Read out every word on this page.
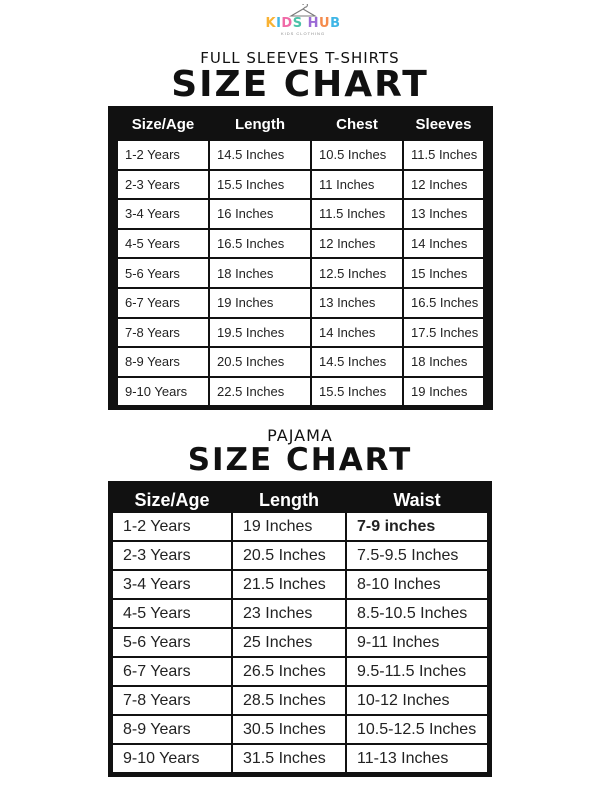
KIDS HUB
KIDS CLOTHING
FULL SLEEVES T-SHIRTS
SIZE CHART
Size/Age	Length	Chest	Sleeves
1-2 Years	14.5 Inches	10.5 Inches	11.5 Inches
2-3 Years	15.5 Inches	11 Inches	12 Inches
3-4 Years	16 Inches	11.5 Inches	13 Inches
4-5 Years	16.5 Inches	12 Inches	14 Inches
5-6 Years	18 Inches	12.5 Inches	15 Inches
6-7 Years	19 Inches	13 Inches	16.5 Inches
7-8 Years	19.5 Inches	14 Inches	17.5 Inches
8-9 Years	20.5 Inches	14.5 Inches	18 Inches
9-10 Years	22.5 Inches	15.5 Inches	19 Inches
PAJAMA
SIZE CHART
Size/Age	Length	Waist
1-2 Years	19 Inches	7-9 inches
2-3 Years	20.5 Inches	7.5-9.5 Inches
3-4 Years	21.5 Inches	8-10 Inches
4-5 Years	23 Inches	8.5-10.5 Inches
5-6 Years	25 Inches	9-11 Inches
6-7 Years	26.5 Inches	9.5-11.5 Inches
7-8 Years	28.5 Inches	10-12 Inches
8-9 Years	30.5 Inches	10.5-12.5 Inches
9-10 Years	31.5 Inches	11-13 Inches
